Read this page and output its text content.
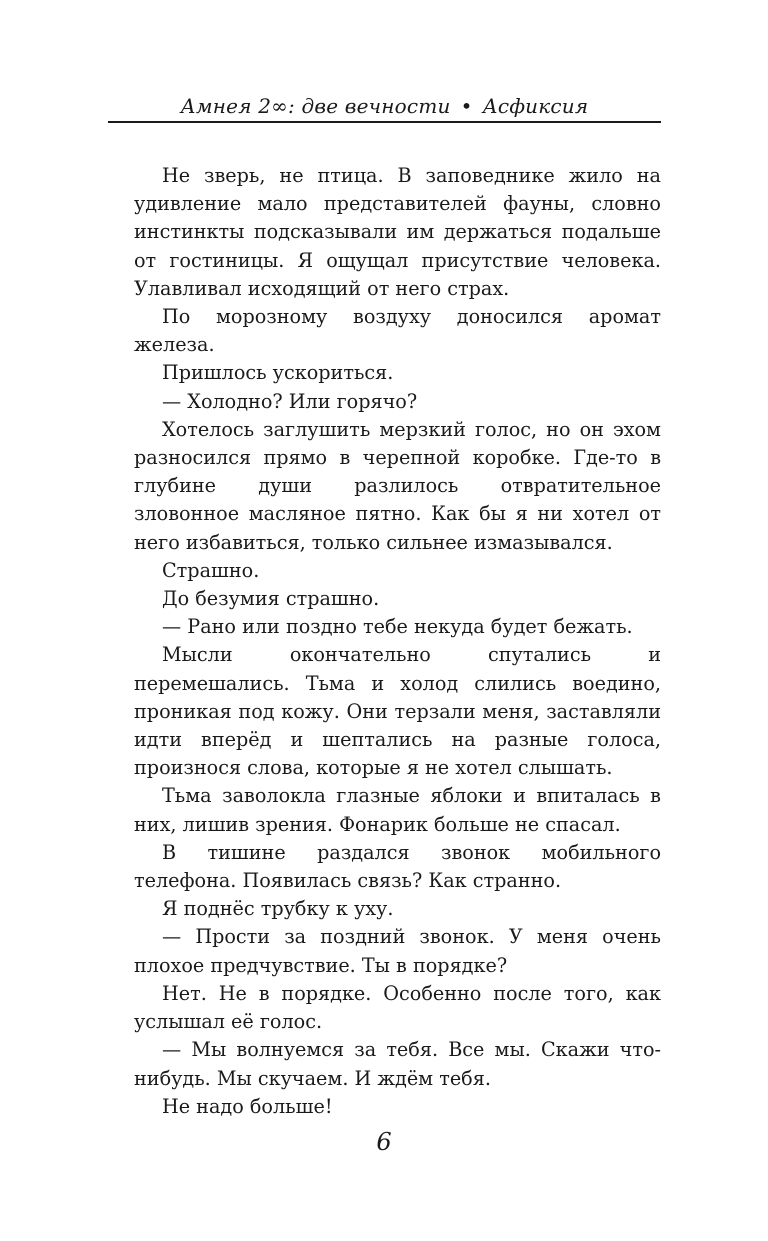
Амнея 2∞: две вечности • Асфиксия

Не зверь, не птица. В заповеднике жило на удивление мало представителей фауны, словно инстинкты подсказывали им держаться подальше от гостиницы. Я ощущал присутствие человека. Улавливал исходящий от него страх.

По морозному воздуху доносился аромат железа.

Пришлось ускориться.

— Холодно? Или горячо?

Хотелось заглушить мерзкий голос, но он эхом разносился прямо в черепной коробке. Где-то в глубине души разлилось отвратительное зловонное масляное пятно. Как бы я ни хотел от него избавиться, только сильнее измазывался.

Страшно.

До безумия страшно.

— Рано или поздно тебе некуда будет бежать.

Мысли окончательно спутались и перемешались. Тьма и холод слились воедино, проникая под кожу. Они терзали меня, заставляли идти вперёд и шептались на разные голоса, произнося слова, которые я не хотел слышать.

Тьма заволокла глазные яблоки и впиталась в них, лишив зрения. Фонарик больше не спасал.

В тишине раздался звонок мобильного телефона. Появилась связь? Как странно.

Я поднёс трубку к уху.

— Прости за поздний звонок. У меня очень плохое предчувствие. Ты в порядке?

Нет. Не в порядке. Особенно после того, как услышал её голос.

— Мы волнуемся за тебя. Все мы. Скажи что-нибудь. Мы скучаем. И ждём тебя.

Не надо больше!

6
